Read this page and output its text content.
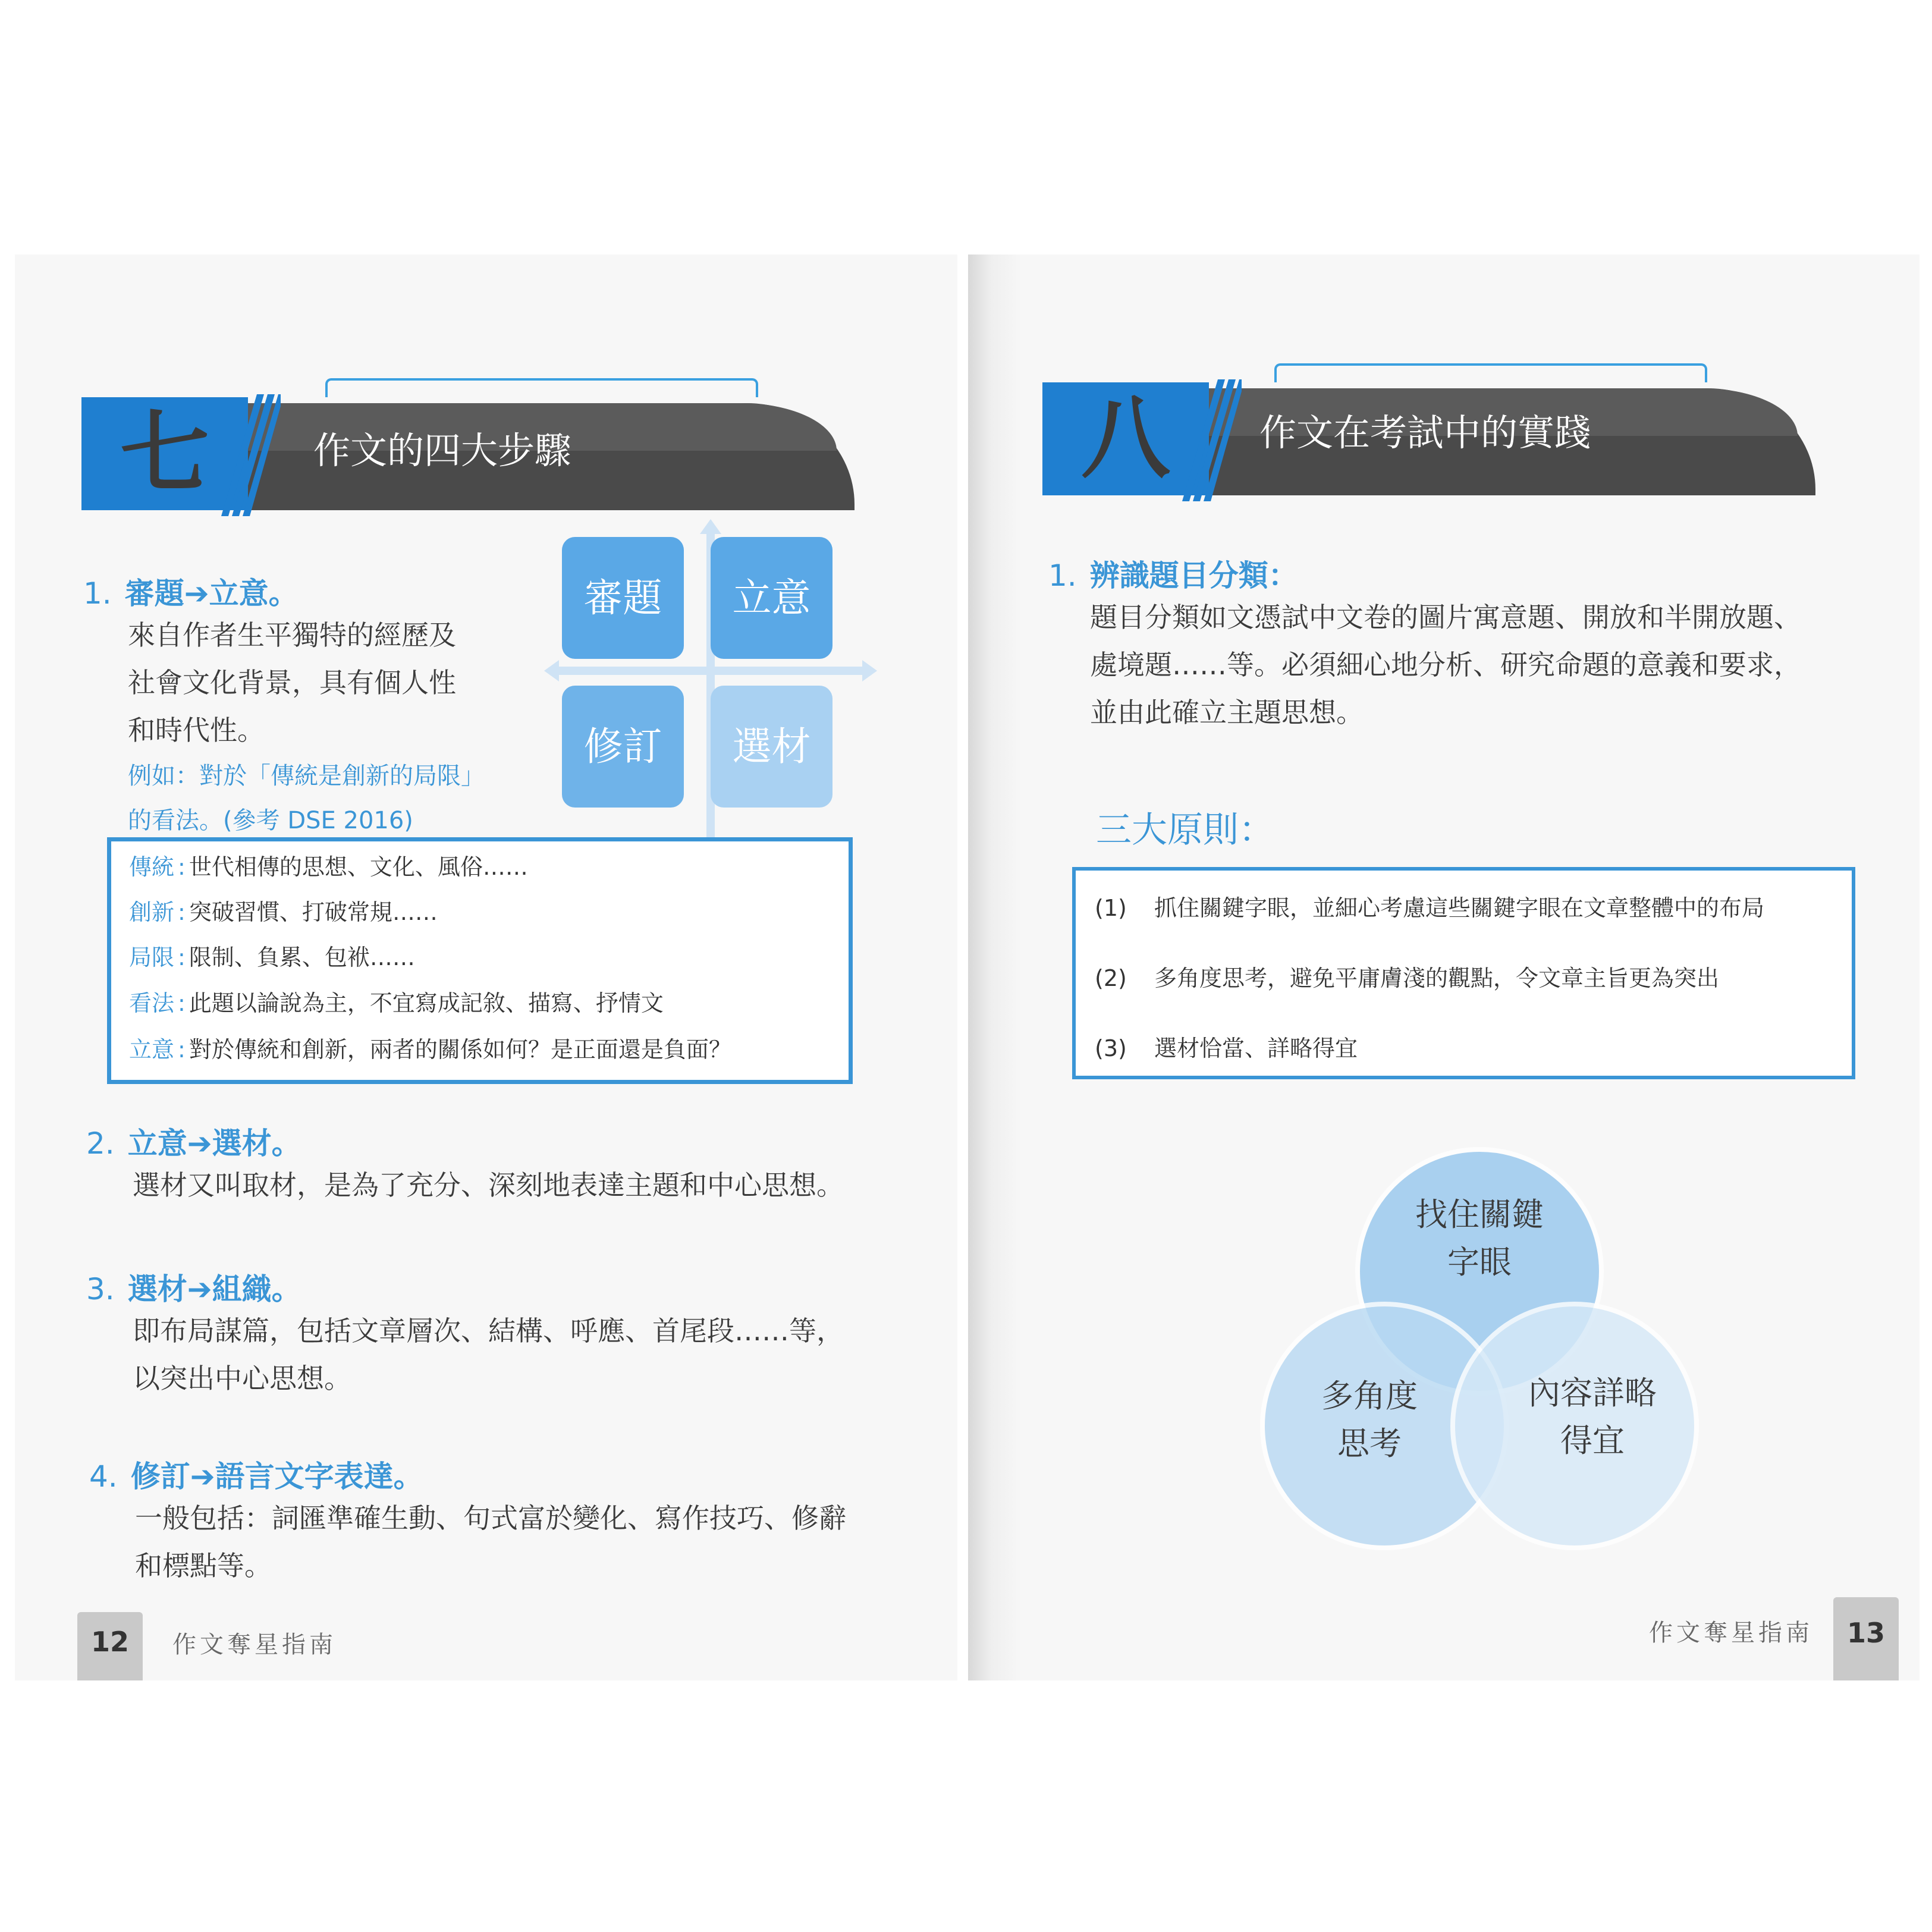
七	作文的四大步驟
審題	立意
修訂	選材
1. 審題➔立意。
來自作者生平獨特的經歷及
社會文化背景，具有個人性
和時代性。
例如：對於「傳統是創新的局限」
的看法。(參考 DSE 2016)
傳統 : 世代相傳的思想、文化、風俗……
創新 : 突破習慣、打破常規……
局限 : 限制、負累、包袱……
看法 : 此題以論說為主，不宜寫成記敘、描寫、抒情文
立意 : 對於傳統和創新，兩者的關係如何？是正面還是負面？
2. 立意➔選材。
選材又叫取材，是為了充分、深刻地表達主題和中心思想。
3. 選材➔組織。
即布局謀篇，包括文章層次、結構、呼應、首尾段……等，
以突出中心思想。
4. 修訂➔語言文字表達。
一般包括：詞匯準確生動、句式富於變化、寫作技巧、修辭
和標點等。
12	作文奪星指南
八	作文在考試中的實踐
1. 辨識題目分類：
題目分類如文憑試中文卷的圖片寓意題、開放和半開放題、
處境題……等。必須細心地分析、研究命題的意義和要求，
並由此確立主題思想。
三大原則：
(1) 抓住關鍵字眼，並細心考慮這些關鍵字眼在文章整體中的布局
(2) 多角度思考，避免平庸膚淺的觀點，令文章主旨更為突出
(3) 選材恰當、詳略得宜
找住關鍵
字眼
多角度
思考
內容詳略
得宜
作文奪星指南	13
